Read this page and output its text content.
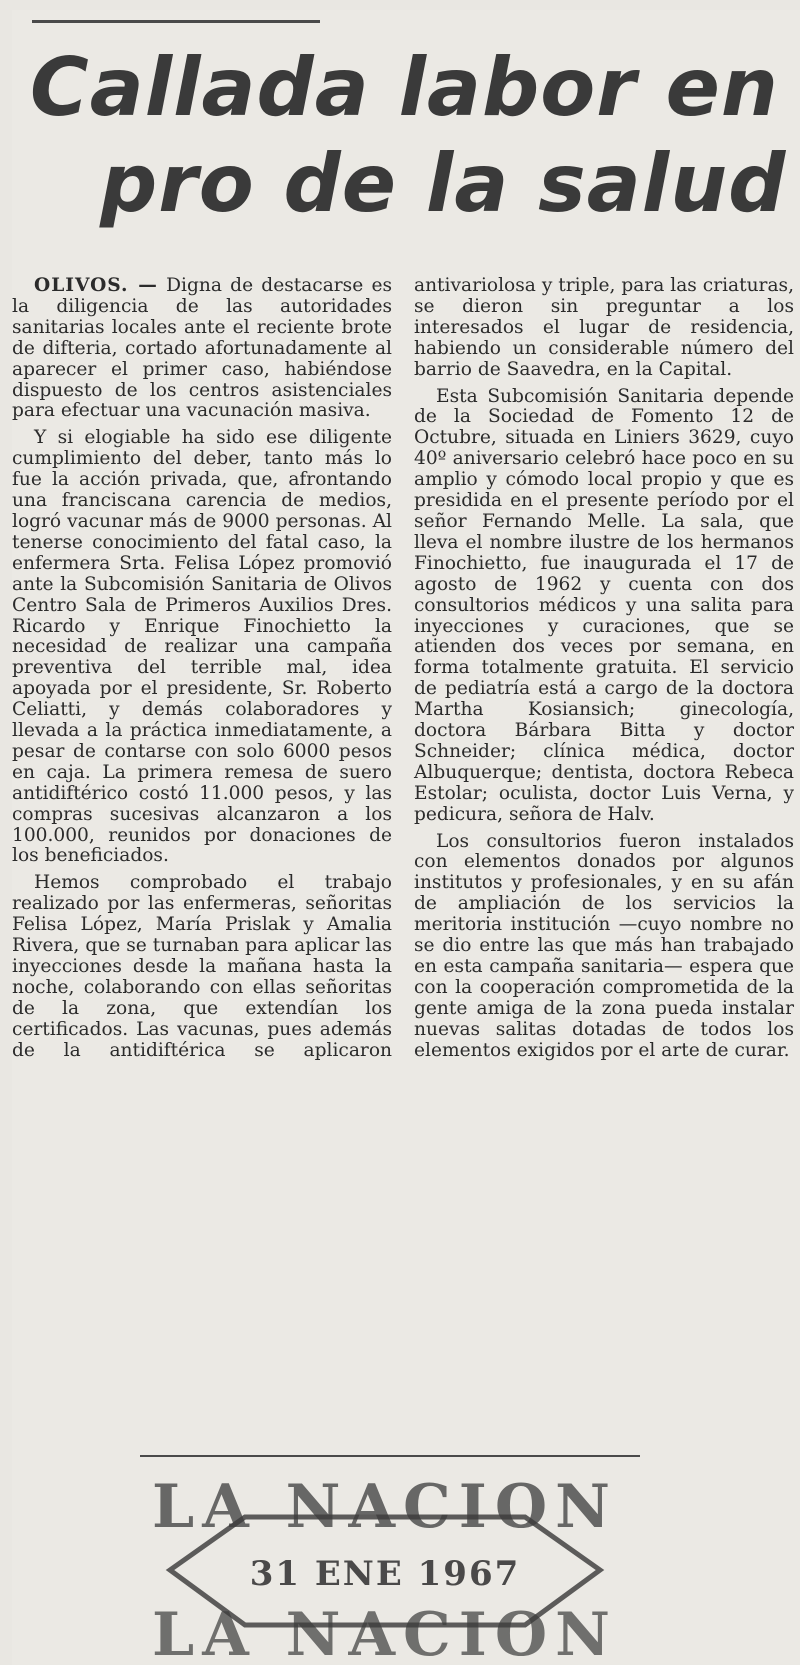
Callada labor en
pro de la salud

OLIVOS. — Digna de destacarse es la diligencia de las autoridades sanitarias locales ante el reciente brote de difteria, cortado afortunadamente al aparecer el primer caso, habiéndose dispuesto de los centros asistenciales para efectuar una vacunación masiva.

Y si elogiable ha sido ese diligente cumplimiento del deber, tanto más lo fue la acción privada, que, afrontando una franciscana carencia de medios, logró vacunar más de 9000 personas. Al tenerse conocimiento del fatal caso, la enfermera Srta. Felisa López promovió ante la Subcomisión Sanitaria de Olivos Centro Sala de Primeros Auxilios Dres. Ricardo y Enrique Finochietto la necesidad de realizar una campaña preventiva del terrible mal, idea apoyada por el presidente, Sr. Roberto Celiatti, y demás colaboradores y llevada a la práctica inmediatamente, a pesar de contarse con solo 6000 pesos en caja. La primera remesa de suero antidiftérico costó 11.000 pesos, y las compras sucesivas alcanzaron a los 100.000, reunidos por donaciones de los beneficiados.

Hemos comprobado el trabajo realizado por las enfermeras, señoritas Felisa López, María Prislak y Amalia Rivera, que se turnaban para aplicar las inyecciones desde la mañana hasta la noche, colaborando con ellas señoritas de la zona, que extendían los certificados. Las vacunas, pues además de la antidiftérica se aplicaron antivariolosa y triple, para las criaturas, se dieron sin preguntar a los interesados el lugar de residencia, habiendo un considerable número del barrio de Saavedra, en la Capital.

Esta Subcomisión Sanitaria depende de la Sociedad de Fomento 12 de Octubre, situada en Liniers 3629, cuyo 40º aniversario celebró hace poco en su amplio y cómodo local propio y que es presidida en el presente período por el señor Fernando Melle. La sala, que lleva el nombre ilustre de los hermanos Finochietto, fue inaugurada el 17 de agosto de 1962 y cuenta con dos consultorios médicos y una salita para inyecciones y curaciones, que se atienden dos veces por semana, en forma totalmente gratuita. El servicio de pediatría está a cargo de la doctora Martha Kosiansich; ginecología, doctora Bárbara Bitta y doctor Schneider; clínica médica, doctor Albuquerque; dentista, doctora Rebeca Estolar; oculista, doctor Luis Verna, y pedicura, señora de Halv.

Los consultorios fueron instalados con elementos donados por algunos institutos y profesionales, y en su afán de ampliación de los servicios la meritoria institución —cuyo nombre no se dio entre las que más han trabajado en esta campaña sanitaria— espera que con la cooperación comprometida de la gente amiga de la zona pueda instalar nuevas salitas dotadas de todos los elementos exigidos por el arte de curar.

LA NACION
31 ENE 1967
LA NACION
